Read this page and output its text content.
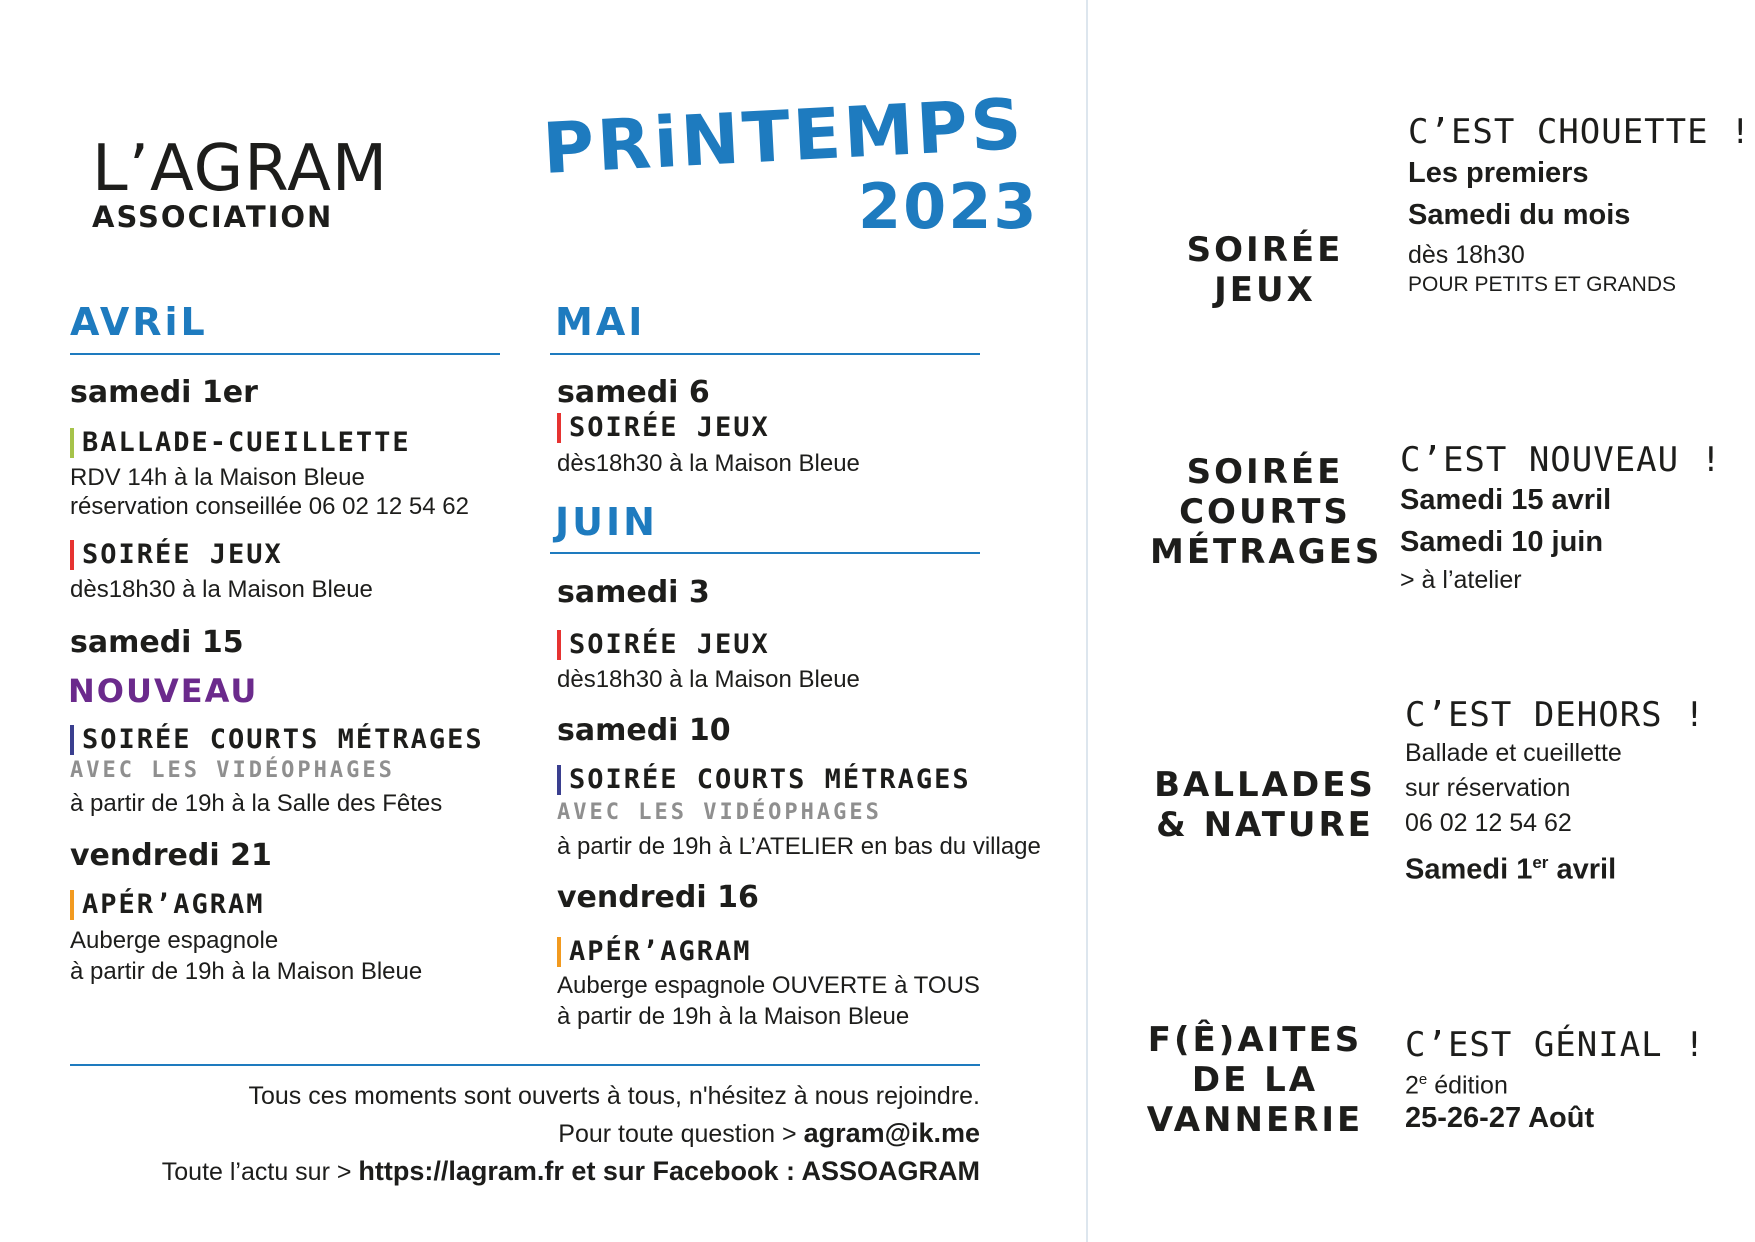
L’AGRAM
ASSOCIATION
PRiNTEMPS
2023
AVRiL
samedi 1er
BALLADE-CUEILLETTE
RDV 14h à la Maison Bleue
réservation conseillée 06 02 12 54 62
SOIRÉE JEUX
dès18h30 à la Maison Bleue
samedi 15
NOUVEAU
SOIRÉE COURTS MÉTRAGES
AVEC LES VIDÉOPHAGES
à partir de 19h à la Salle des Fêtes
vendredi 21
APÉR’AGRAM
Auberge espagnole
à partir de 19h à la Maison Bleue
MAI
samedi 6
SOIRÉE JEUX
dès18h30 à la Maison Bleue
JUIN
samedi 3
SOIRÉE JEUX
dès18h30 à la Maison Bleue
samedi 10
SOIRÉE COURTS MÉTRAGES
AVEC LES VIDÉOPHAGES
à partir de 19h à L’ATELIER en bas du village
vendredi 16
APÉR’AGRAM
Auberge espagnole OUVERTE à TOUS
à partir de 19h à la Maison Bleue
Tous ces moments sont ouverts à tous, n'hésitez à nous rejoindre.
Pour toute question > agram@ik.me
Toute l’actu sur > https://lagram.fr et sur Facebook : ASSOAGRAM
SOIRÉE
JEUX
C’EST CHOUETTE !
Les premiers
Samedi du mois
dès 18h30
POUR PETITS ET GRANDS
SOIRÉE
COURTS
MÉTRAGES
C’EST NOUVEAU !
Samedi 15 avril
Samedi 10 juin
> à l’atelier
BALLADES
& NATURE
C’EST DEHORS !
Ballade et cueillette
sur réservation
06 02 12 54 62
Samedi 1er avril
F(Ê)AITES
DE LA
VANNERIE
C’EST GÉNIAL !
2e édition
25-26-27 Août
